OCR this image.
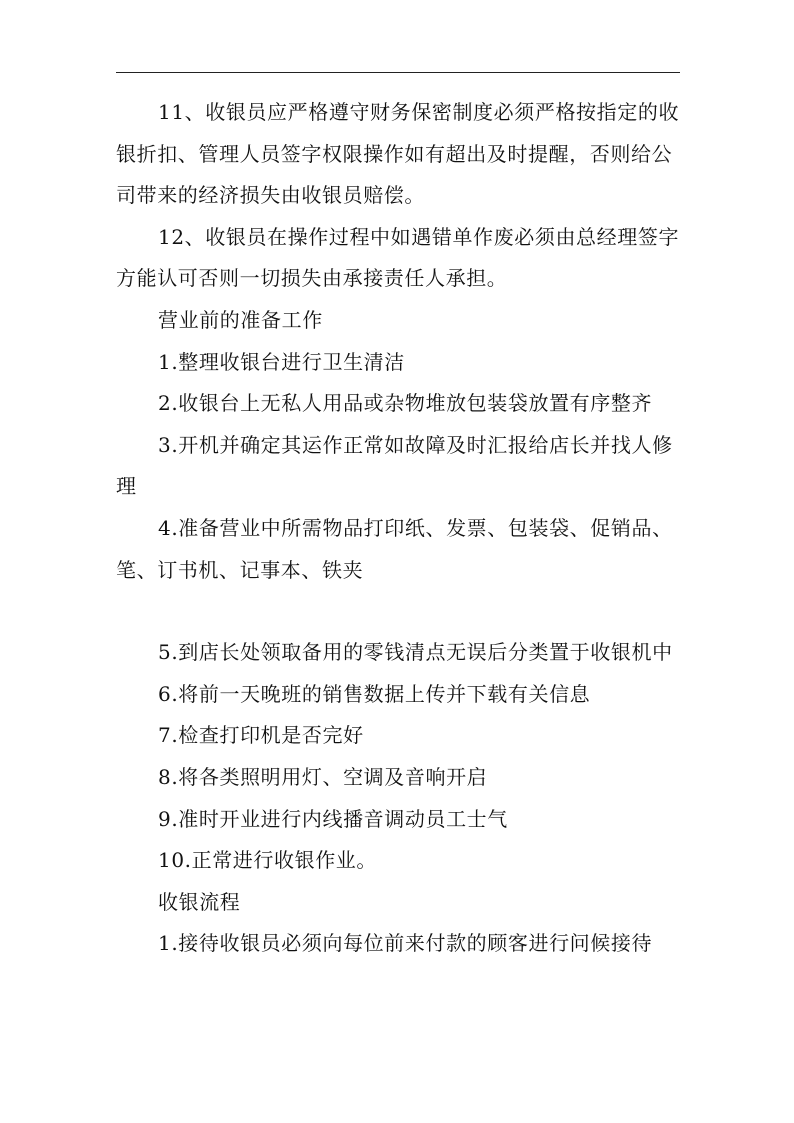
11、收银员应严格遵守财务保密制度必须严格按指定的收银折扣、管理人员签字权限操作如有超出及时提醒，否则给公司带来的经济损失由收银员赔偿。

12、收银员在操作过程中如遇错单作废必须由总经理签字方能认可否则一切损失由承接责任人承担。

营业前的准备工作

1.整理收银台进行卫生清洁

2.收银台上无私人用品或杂物堆放包装袋放置有序整齐

3.开机并确定其运作正常如故障及时汇报给店长并找人修理

4.准备营业中所需物品打印纸、发票、包装袋、促销品、笔、订书机、记事本、铁夹

5.到店长处领取备用的零钱清点无误后分类置于收银机中

6.将前一天晚班的销售数据上传并下载有关信息

7.检查打印机是否完好

8.将各类照明用灯、空调及音响开启

9.准时开业进行内线播音调动员工士气

10.正常进行收银作业。

收银流程

1.接待收银员必须向每位前来付款的顾客进行问候接待
